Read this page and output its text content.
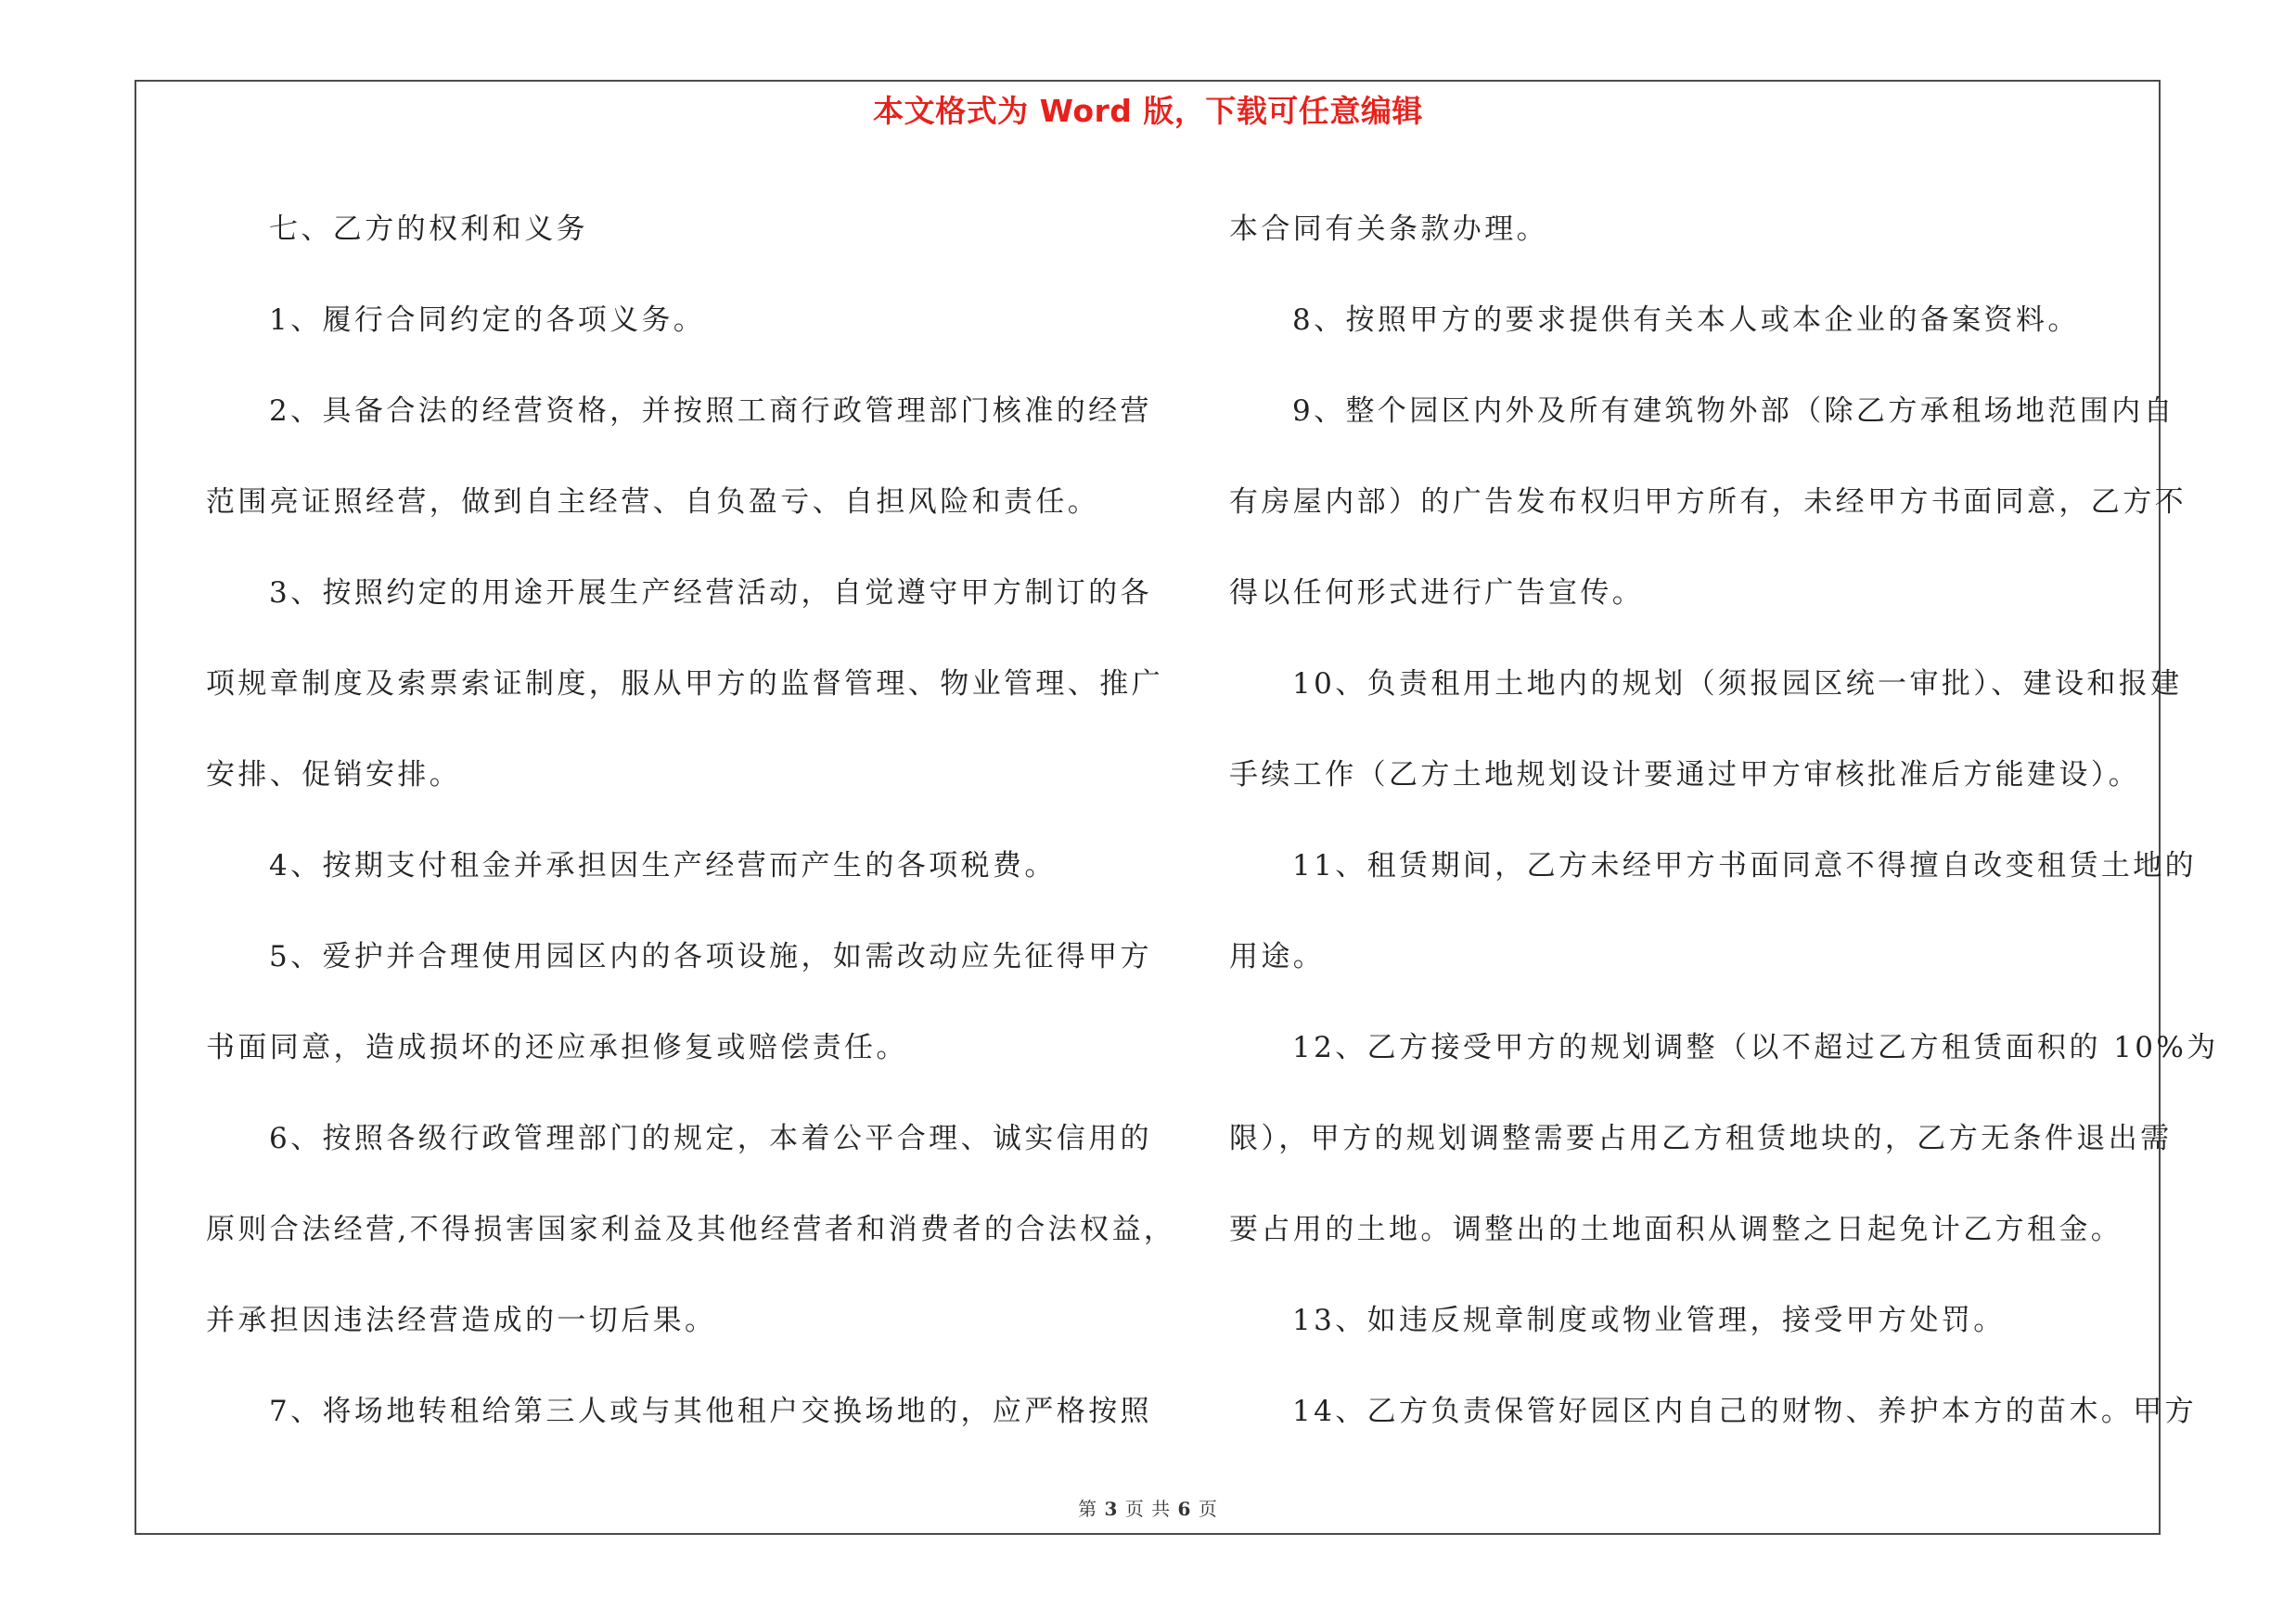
本文格式为 Word 版，下载可任意编辑
七、乙方的权利和义务
1、履行合同约定的各项义务。
2、具备合法的经营资格，并按照工商行政管理部门核准的经营
范围亮证照经营，做到自主经营、自负盈亏、自担风险和责任。
3、按照约定的用途开展生产经营活动，自觉遵守甲方制订的各
项规章制度及索票索证制度，服从甲方的监督管理、物业管理、推广
安排、促销安排。
4、按期支付租金并承担因生产经营而产生的各项税费。
5、爱护并合理使用园区内的各项设施，如需改动应先征得甲方
书面同意，造成损坏的还应承担修复或赔偿责任。
6、按照各级行政管理部门的规定，本着公平合理、诚实信用的
原则合法经营,不得损害国家利益及其他经营者和消费者的合法权益，
并承担因违法经营造成的一切后果。
7、将场地转租给第三人或与其他租户交换场地的，应严格按照
本合同有关条款办理。
8、按照甲方的要求提供有关本人或本企业的备案资料。
9、整个园区内外及所有建筑物外部（除乙方承租场地范围内自
有房屋内部）的广告发布权归甲方所有，未经甲方书面同意，乙方不
得以任何形式进行广告宣传。
10、负责租用土地内的规划（须报园区统一审批）、建设和报建
手续工作（乙方土地规划设计要通过甲方审核批准后方能建设）。
11、租赁期间，乙方未经甲方书面同意不得擅自改变租赁土地的
用途。
12、乙方接受甲方的规划调整（以不超过乙方租赁面积的 10%为
限），甲方的规划调整需要占用乙方租赁地块的，乙方无条件退出需
要占用的土地。调整出的土地面积从调整之日起免计乙方租金。
13、如违反规章制度或物业管理，接受甲方处罚。
14、乙方负责保管好园区内自己的财物、养护本方的苗木。甲方
第 3 页 共 6 页
